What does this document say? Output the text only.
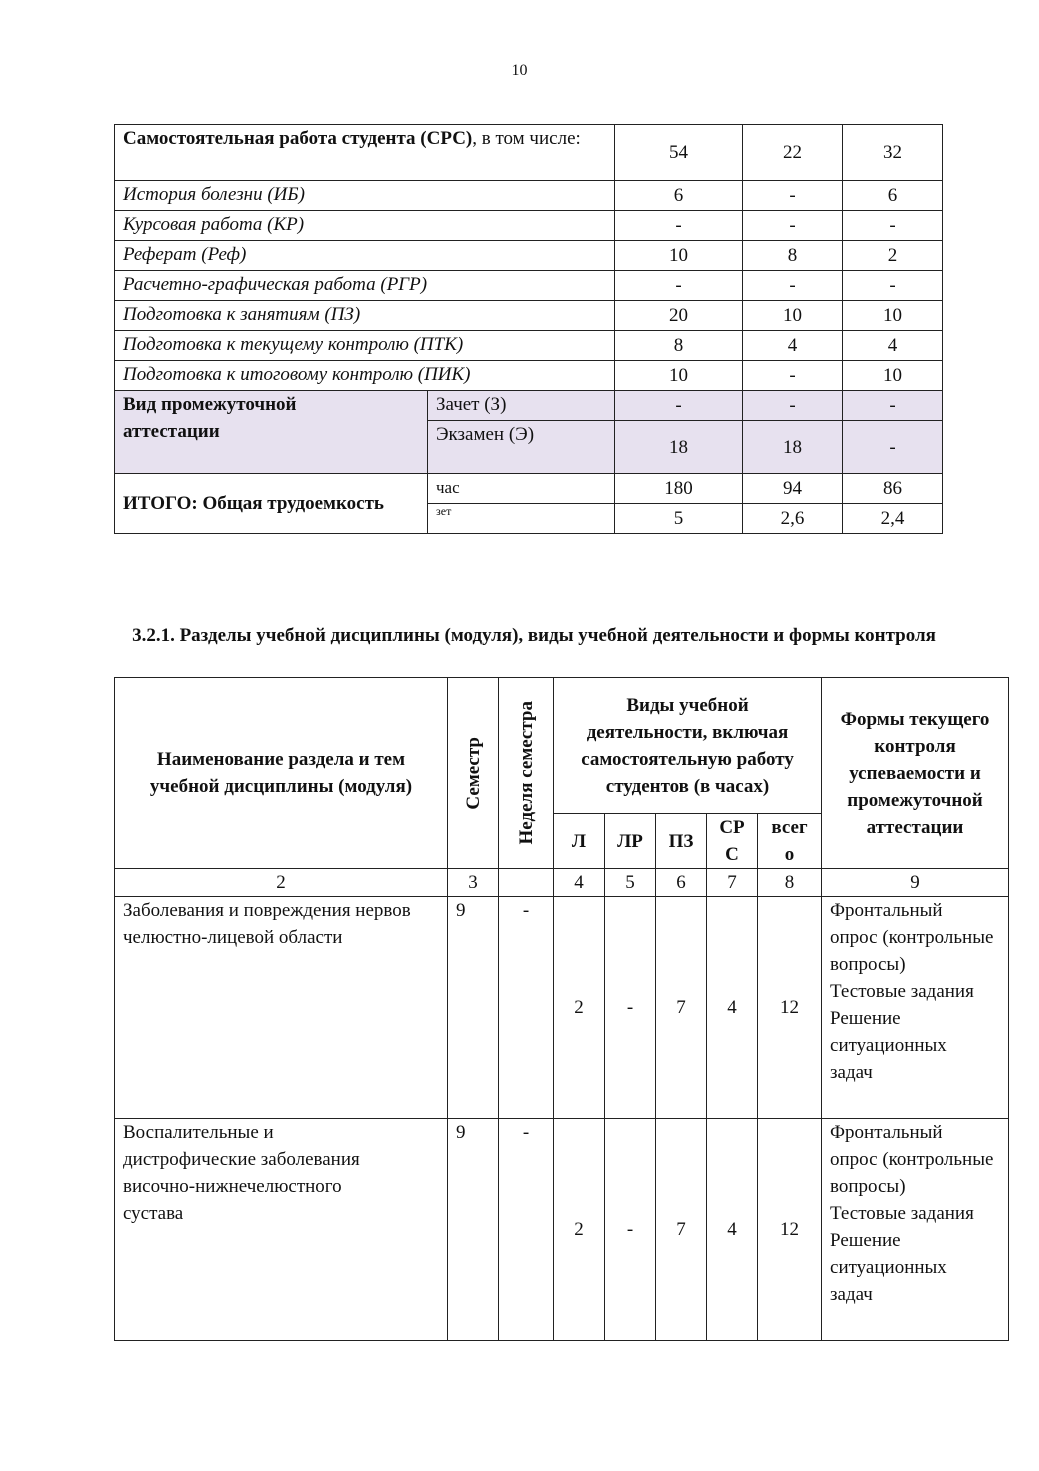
10
Самостоятельная работа студента (СРС), в том числе:		54	22	32
История болезни (ИБ)		6	-	6
Курсовая работа (КР)		-	-	-
Реферат (Реф)		10	8	2
Расчетно-графическая работа (РГР)		-	-	-
Подготовка к занятиям (ПЗ)		20	10	10
Подготовка к текущему контролю (ПТК)		8	4	4
Подготовка к итоговому контролю (ПИК)		10	-	10
Вид промежуточной аттестации	Зачет (З)	-	-	-
	Экзамен (Э)	18	18	-
ИТОГО: Общая трудоемкость	час	180	94	86
	зет	5	2,6	2,4
3.2.1. Разделы учебной дисциплины (модуля), виды учебной деятельности и формы контроля
Наименование раздела и тем учебной дисциплины (модуля)	Семестр	Неделя семестра	Виды учебной деятельности, включая самостоятельную работу студентов (в часах)					Формы текущего контроля успеваемости и промежуточной аттестации
			Л	ЛР	ПЗ	СР С	всег о	
2	3		4	5	6	7	8	9
Заболевания и повреждения нервов челюстно-лицевой области	9	-	2	-	7	4	12	Фронтальный опрос (контрольные вопросы)
Тестовые задания
Решение ситуационных задач

Воспалительные и дистрофические заболевания височно-нижнечелюстного сустава	9	-	2	-	7	4	12	Фронтальный опрос (контрольные вопросы)
Тестовые задания
Решение ситуационных задач
